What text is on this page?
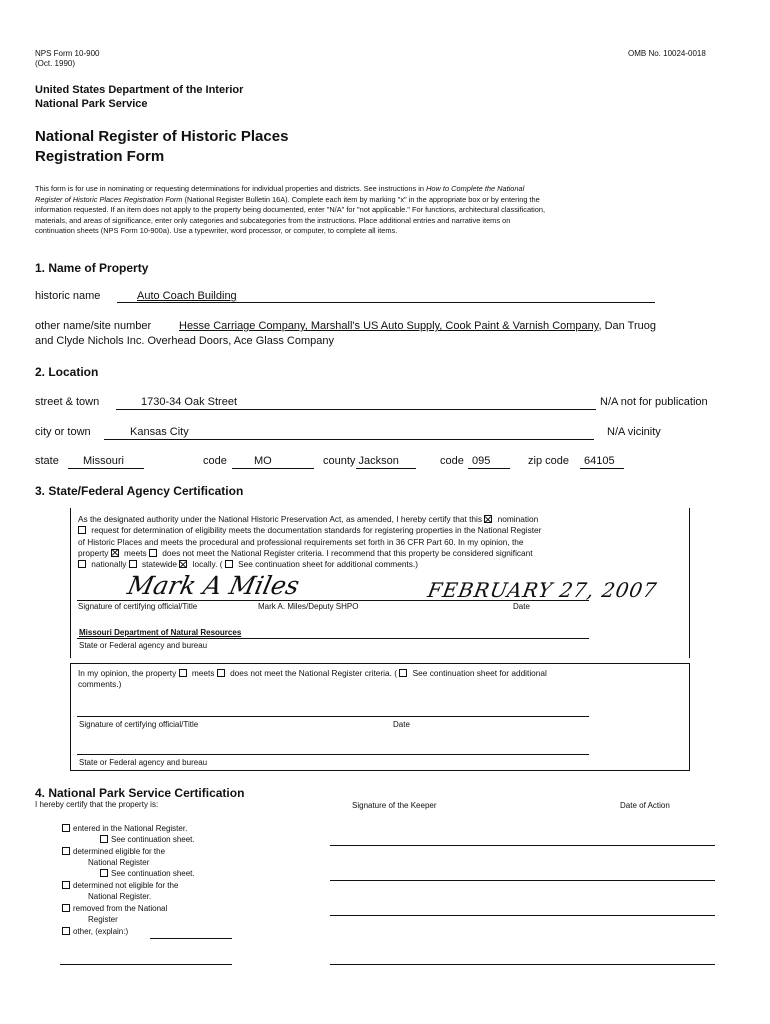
NPS Form 10-900
(Oct. 1990)
OMB No. 10024-0018
United States Department of the Interior
National Park Service
National Register of Historic Places
Registration Form
This form is for use in nominating or requesting determinations for individual properties and districts. See instructions in How to Complete the National
Register of Historic Places Registration Form (National Register Bulletin 16A). Complete each item by marking "x" in the appropriate box or by entering the
information requested. If an item does not apply to the property being documented, enter "N/A" for "not applicable." For functions, architectural classification,
materials, and areas of significance, enter only categories and subcategories from the instructions. Place additional entries and narrative items on
continuation sheets (NPS Form 10-900a). Use a typewriter, word processor, or computer, to complete all items.
1. Name of Property
historic name	Auto Coach Building
other name/site number	Hesse Carriage Company, Marshall's US Auto Supply, Cook Paint & Varnish Company, Dan Truog
and Clyde Nichols Inc. Overhead Doors, Ace Glass Company
2. Location
street & town	1730-34 Oak Street	N/A not for publication
city or town	Kansas City	N/A vicinity
state Missouri	code MO	county Jackson	code 095	zip code 64105
3. State/Federal Agency Certification
As the designated authority under the National Historic Preservation Act, as amended, I hereby certify that this  nomination
request for determination of eligibility meets the documentation standards for registering properties in the National Register
of Historic Places and meets the procedural and professional requirements set forth in 36 CFR Part 60. In my opinion, the
property  meets  does not meet the National Register criteria. I recommend that this property be considered significant
nationally  statewide  locally. (  See continuation sheet for additional comments.)
Mark A Miles	FEBRUARY 27, 2007
Signature of certifying official/Title	Mark A. Miles/Deputy SHPO	Date
Missouri Department of Natural Resources
State or Federal agency and bureau
In my opinion, the property  meets  does not meet the National Register criteria. (  See continuation sheet for additional
comments.)
Signature of certifying official/Title	Date
State or Federal agency and bureau
4. National Park Service Certification
I hereby certify that the property is:	Signature of the Keeper	Date of Action
entered in the National Register.
See continuation sheet.
determined eligible for the
National Register
See continuation sheet.
determined not eligible for the
National Register.
removed from the National
Register
other, (explain:)
